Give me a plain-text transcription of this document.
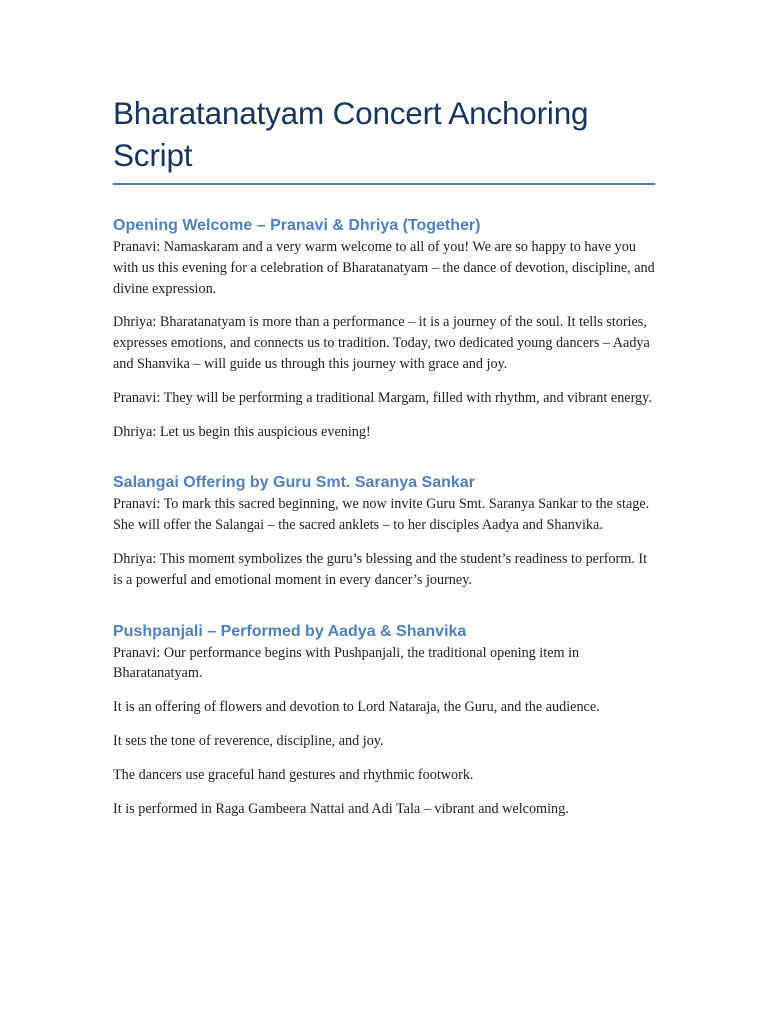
Bharatanatyam Concert Anchoring Script
Opening Welcome – Pranavi & Dhriya (Together)

Pranavi: Namaskaram and a very warm welcome to all of you! We are so happy to have you with us this evening for a celebration of Bharatanatyam – the dance of devotion, discipline, and divine expression.

Dhriya: Bharatanatyam is more than a performance – it is a journey of the soul. It tells stories, expresses emotions, and connects us to tradition. Today, two dedicated young dancers – Aadya and Shanvika – will guide us through this journey with grace and joy.

Pranavi: They will be performing a traditional Margam, filled with rhythm, and vibrant energy.

Dhriya: Let us begin this auspicious evening!

Salangai Offering by Guru Smt. Saranya Sankar

Pranavi: To mark this sacred beginning, we now invite Guru Smt. Saranya Sankar to the stage. She will offer the Salangai – the sacred anklets – to her disciples Aadya and Shanvika.

Dhriya: This moment symbolizes the guru’s blessing and the student’s readiness to perform. It is a powerful and emotional moment in every dancer’s journey.

Pushpanjali – Performed by Aadya & Shanvika

Pranavi: Our performance begins with Pushpanjali, the traditional opening item in Bharatanatyam.

It is an offering of flowers and devotion to Lord Nataraja, the Guru, and the audience.

It sets the tone of reverence, discipline, and joy.

The dancers use graceful hand gestures and rhythmic footwork.

It is performed in Raga Gambeera Nattai and Adi Tala – vibrant and welcoming.
